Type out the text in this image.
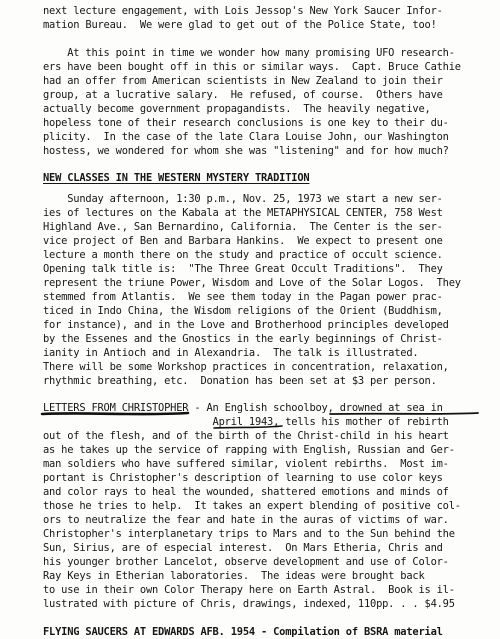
next lecture engagement, with Lois Jessop's New York Saucer Infor-
mation Bureau.  We were glad to get out of the Police State, too!
At this point in time we wonder how many promising UFO research-
ers have been bought off in this or similar ways.  Capt. Bruce Cathie
had an offer from American scientists in New Zealand to join their
group, at a lucrative salary.  He refused, of course.  Others have
actually become government propagandists.  The heavily negative,
hopeless tone of their research conclusions is one key to their du-
plicity.  In the case of the late Clara Louise John, our Washington
hostess, we wondered for whom she was "listening" and for how much?
NEW CLASSES IN THE WESTERN MYSTERY TRADITION
Sunday afternoon, 1:30 p.m., Nov. 25, 1973 we start a new ser-
ies of lectures on the Kabala at the METAPHYSICAL CENTER, 758 West
Highland Ave., San Bernardino, California.  The Center is the ser-
vice project of Ben and Barbara Hankins.  We expect to present one
lecture a month there on the study and practice of occult science.
Opening talk title is:  "The Three Great Occult Traditions".  They
represent the triune Power, Wisdom and Love of the Solar Logos.  They
stemmed from Atlantis.  We see them today in the Pagan power prac-
ticed in Indo China, the Wisdom religions of the Orient (Buddhism,
for instance), and in the Love and Brotherhood principles developed
by the Essenes and the Gnostics in the early beginnings of Christ-
ianity in Antioch and in Alexandria.  The talk is illustrated.
There will be some Workshop practices in concentration, relaxation,
rhythmic breathing, etc.  Donation has been set at $3 per person.
LETTERS FROM CHRISTOPHER - An English schoolboy, drowned at sea in
April 1943, tells his mother of rebirth
out of the flesh, and of the birth of the Christ-child in his heart
as he takes up the service of rapping with English, Russian and Ger-
man soldiers who have suffered similar, violent rebirths.  Most im-
portant is Christopher's description of learning to use color keys
and color rays to heal the wounded, shattered emotions and minds of
those he tries to help.  It takes an expert blending of positive col-
ors to neutralize the fear and hate in the auras of victims of war.
Christopher's interplanetary trips to Mars and to the Sun behind the
Sun, Sirius, are of especial interest.  On Mars Etheria, Chris and
his younger brother Lancelot, observe development and use of Color-
Ray Keys in Etherian laboratories.  The ideas were brought back
to use in their own Color Therapy here on Earth Astral.  Book is il-
lustrated with picture of Chris, drawings, indexed, 110pp. . . $4.95
FLYING SAUCERS AT EDWARDS AFB. 1954 - Compilation of BSRA material
